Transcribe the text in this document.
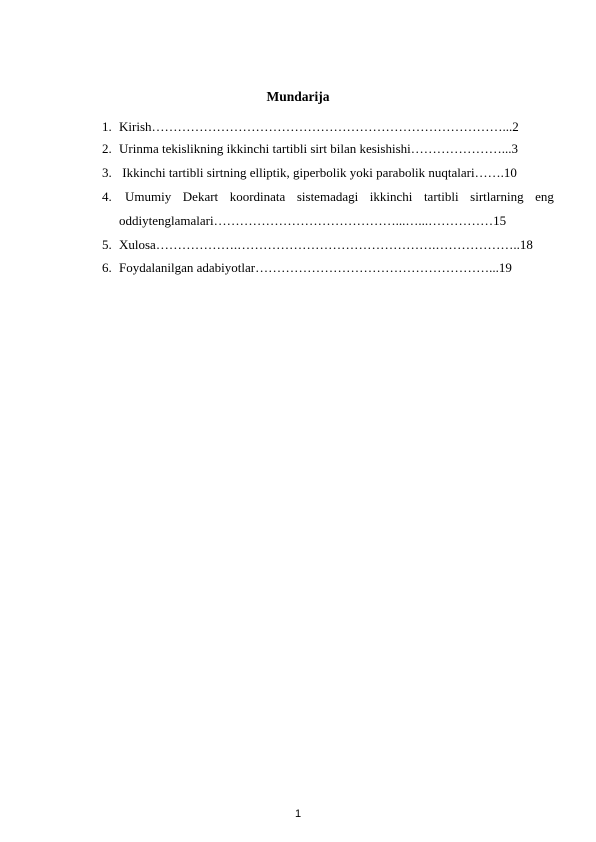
Mundarija
1. Kirish………………………………………………………………………...2
2. Urinma tekislikning ikkinchi tartibli sirt bilan kesishishi…………………...3
3. Ikkinchi tartibli sirtning elliptik, giperbolik yoki parabolik nuqtalari…….10
4.	Umumiy Dekart koordinata sistemadagi ikkinchi tartibli sirtlarning eng
oddiytenglamalari……………………………………...…...……………15
5. Xulosa……………….……………………………………….………………..18
6. Foydalanilgan adabiyotlar………………………………………………...19
1
